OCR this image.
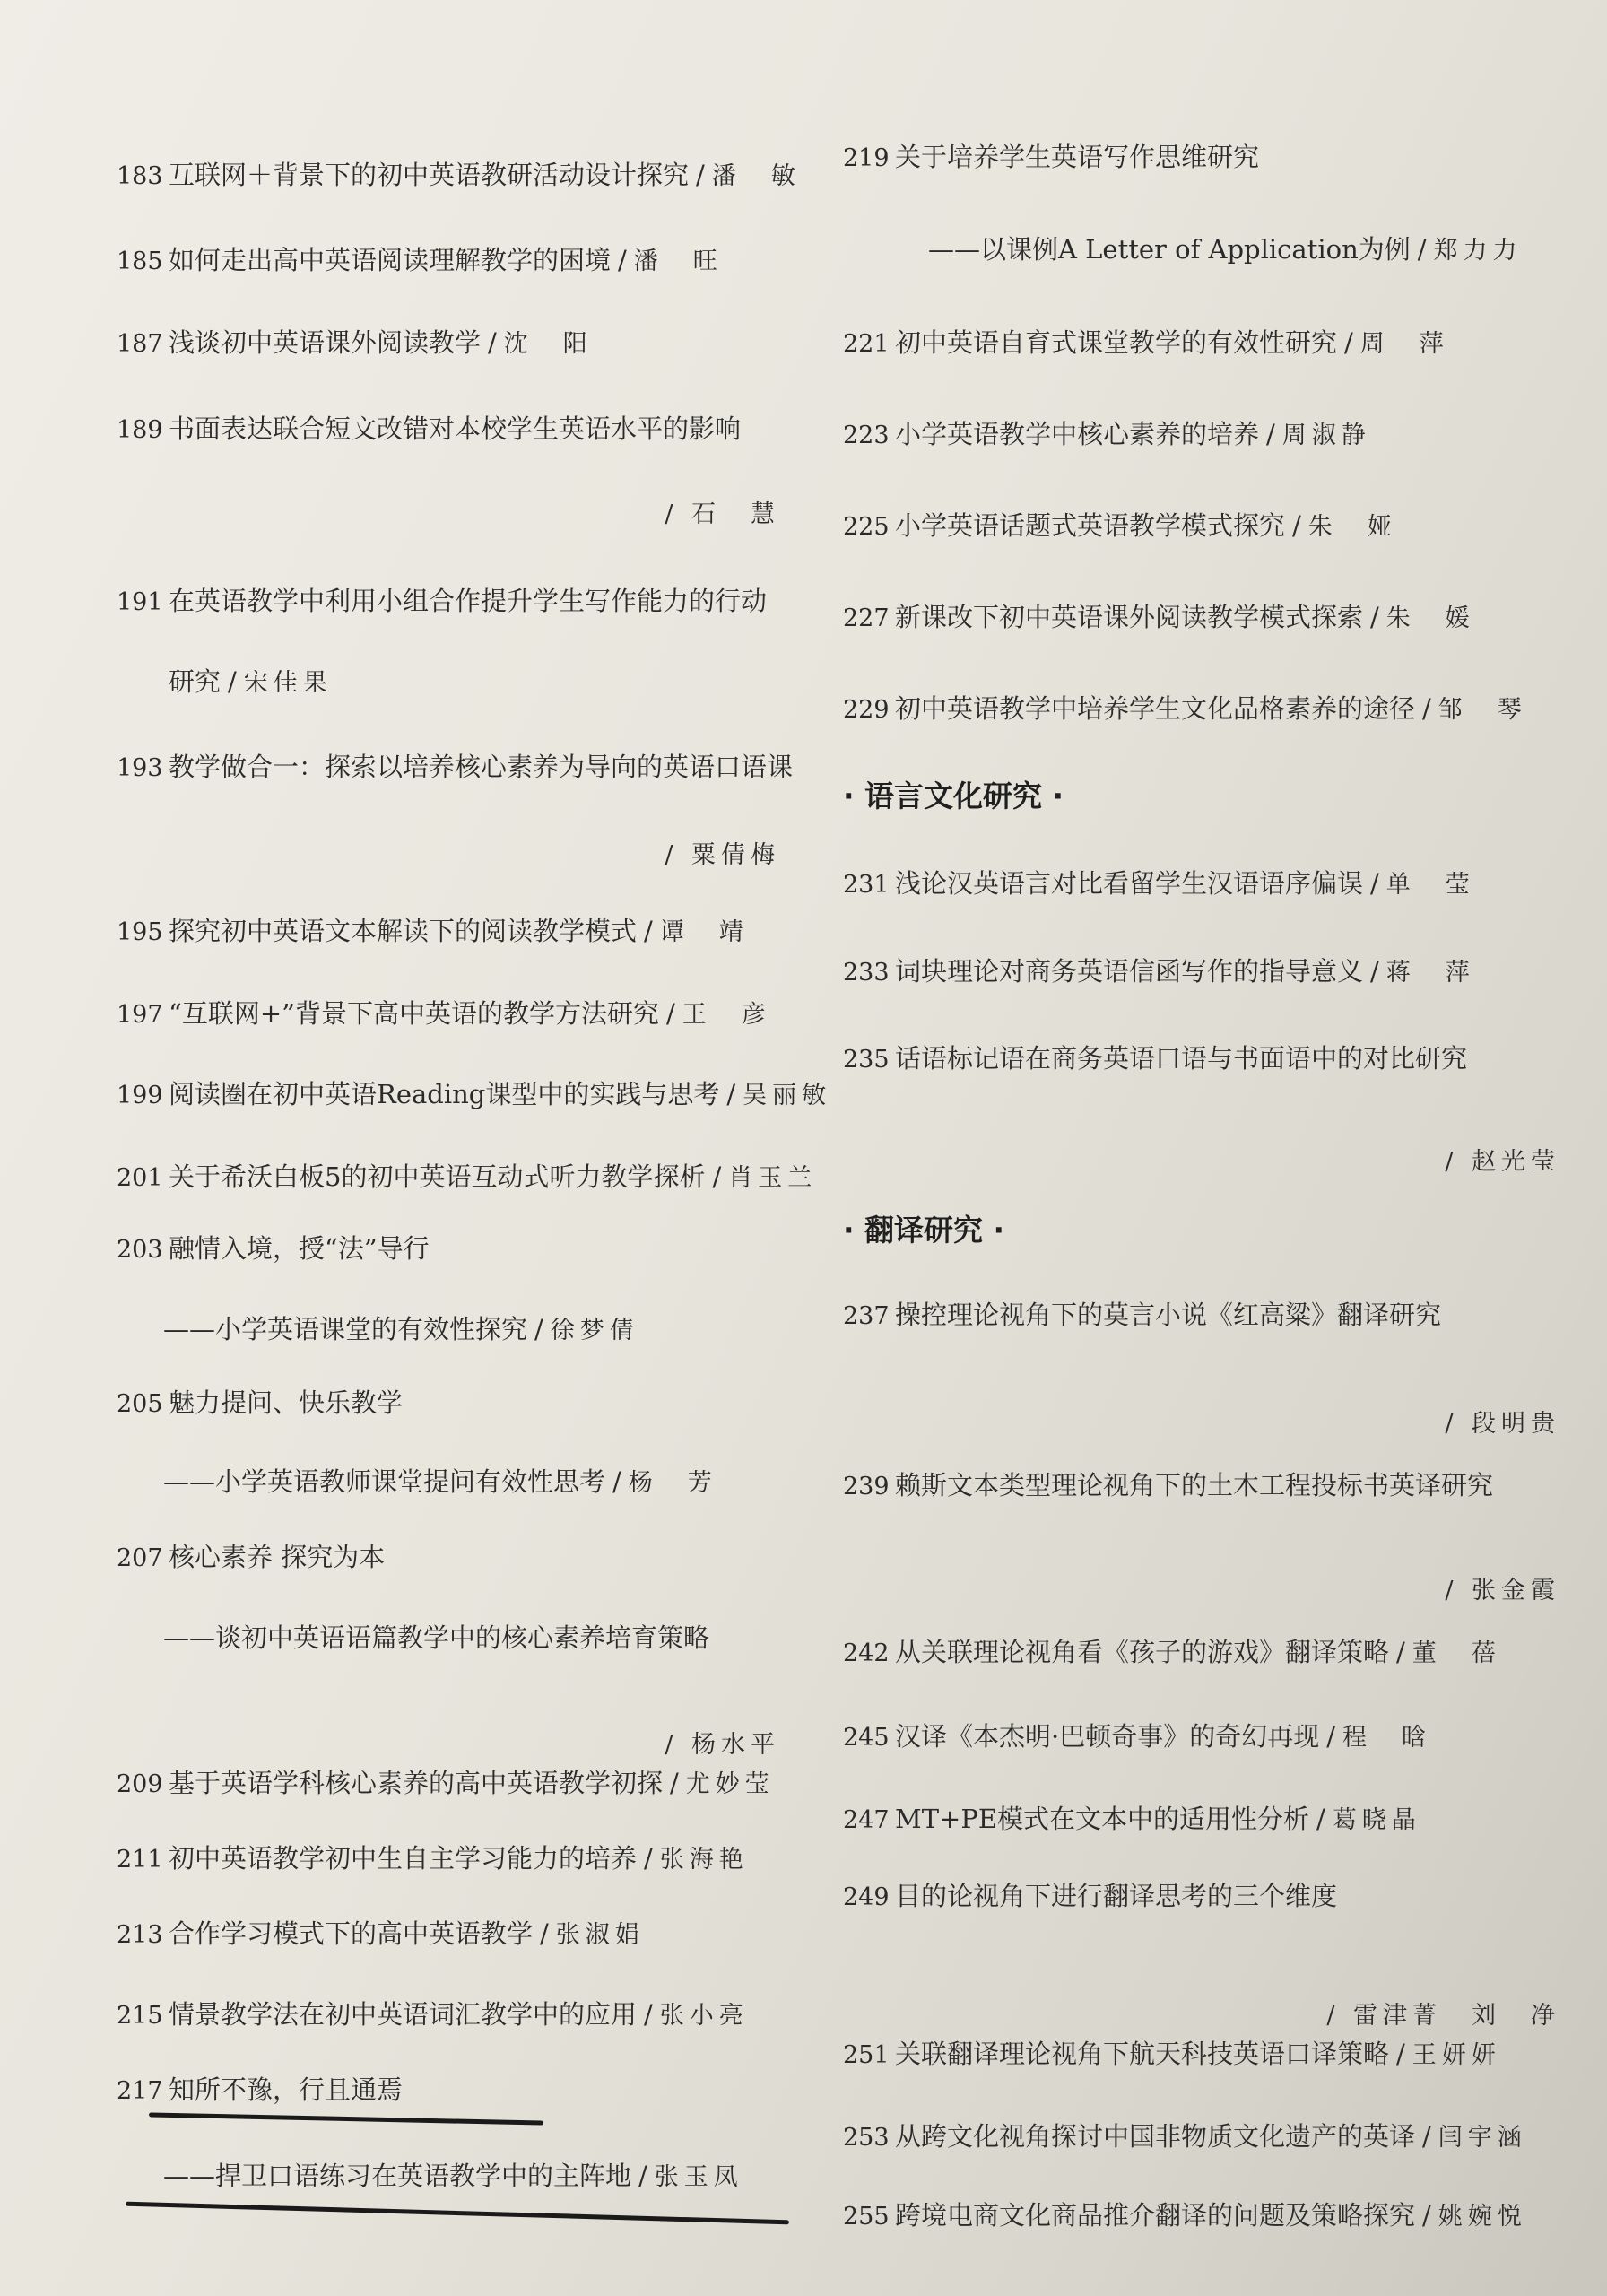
183 互联网＋背景下的初中英语教研活动设计探究 / 潘　敏
185 如何走出高中英语阅读理解教学的困境 / 潘　旺
187 浅谈初中英语课外阅读教学 / 沈　阳
189 书面表达联合短文改错对本校学生英语水平的影响
/ 石　慧
191 在英语教学中利用小组合作提升学生写作能力的行动
研究 / 宋佳果
193 教学做合一：探索以培养核心素养为导向的英语口语课
/ 粟倩梅
195 探究初中英语文本解读下的阅读教学模式 / 谭　靖
197 “互联网+”背景下高中英语的教学方法研究 / 王　彦
199 阅读圈在初中英语Reading课型中的实践与思考 / 吴丽敏
201 关于希沃白板5的初中英语互动式听力教学探析 / 肖玉兰
203 融情入境，授“法”导行
——小学英语课堂的有效性探究 / 徐梦倩
205 魅力提问、快乐教学
——小学英语教师课堂提问有效性思考 / 杨　芳
207 核心素养 探究为本
——谈初中英语语篇教学中的核心素养培育策略
/ 杨水平
209 基于英语学科核心素养的高中英语教学初探 / 尤妙莹
211 初中英语教学初中生自主学习能力的培养 / 张海艳
213 合作学习模式下的高中英语教学 / 张淑娟
215 情景教学法在初中英语词汇教学中的应用 / 张小亮
217 知所不豫，行且通焉
——捍卫口语练习在英语教学中的主阵地 / 张玉凤
219 关于培养学生英语写作思维研究
——以课例A Letter of Application为例 / 郑力力
221 初中英语自育式课堂教学的有效性研究 / 周　萍
223 小学英语教学中核心素养的培养 / 周淑静
225 小学英语话题式英语教学模式探究 / 朱　娅
227 新课改下初中英语课外阅读教学模式探索 / 朱　媛
229 初中英语教学中培养学生文化品格素养的途径 / 邹　琴
· 语言文化研究 ·
231 浅论汉英语言对比看留学生汉语语序偏误 / 单　莹
233 词块理论对商务英语信函写作的指导意义 / 蒋　萍
235 话语标记语在商务英语口语与书面语中的对比研究
/ 赵光莹
· 翻译研究 ·
237 操控理论视角下的莫言小说《红高粱》翻译研究
/ 段明贵
239 赖斯文本类型理论视角下的土木工程投标书英译研究
/ 张金霞
242 从关联理论视角看《孩子的游戏》翻译策略 / 董　蓓
245 汉译《本杰明·巴顿奇事》的奇幻再现 / 程　晗
247 MT+PE模式在文本中的适用性分析 / 葛晓晶
249 目的论视角下进行翻译思考的三个维度
/ 雷津菁　刘　净
251 关联翻译理论视角下航天科技英语口译策略 / 王妍妍
253 从跨文化视角探讨中国非物质文化遗产的英译 / 闫宇涵
255 跨境电商文化商品推介翻译的问题及策略探究 / 姚婉悦
